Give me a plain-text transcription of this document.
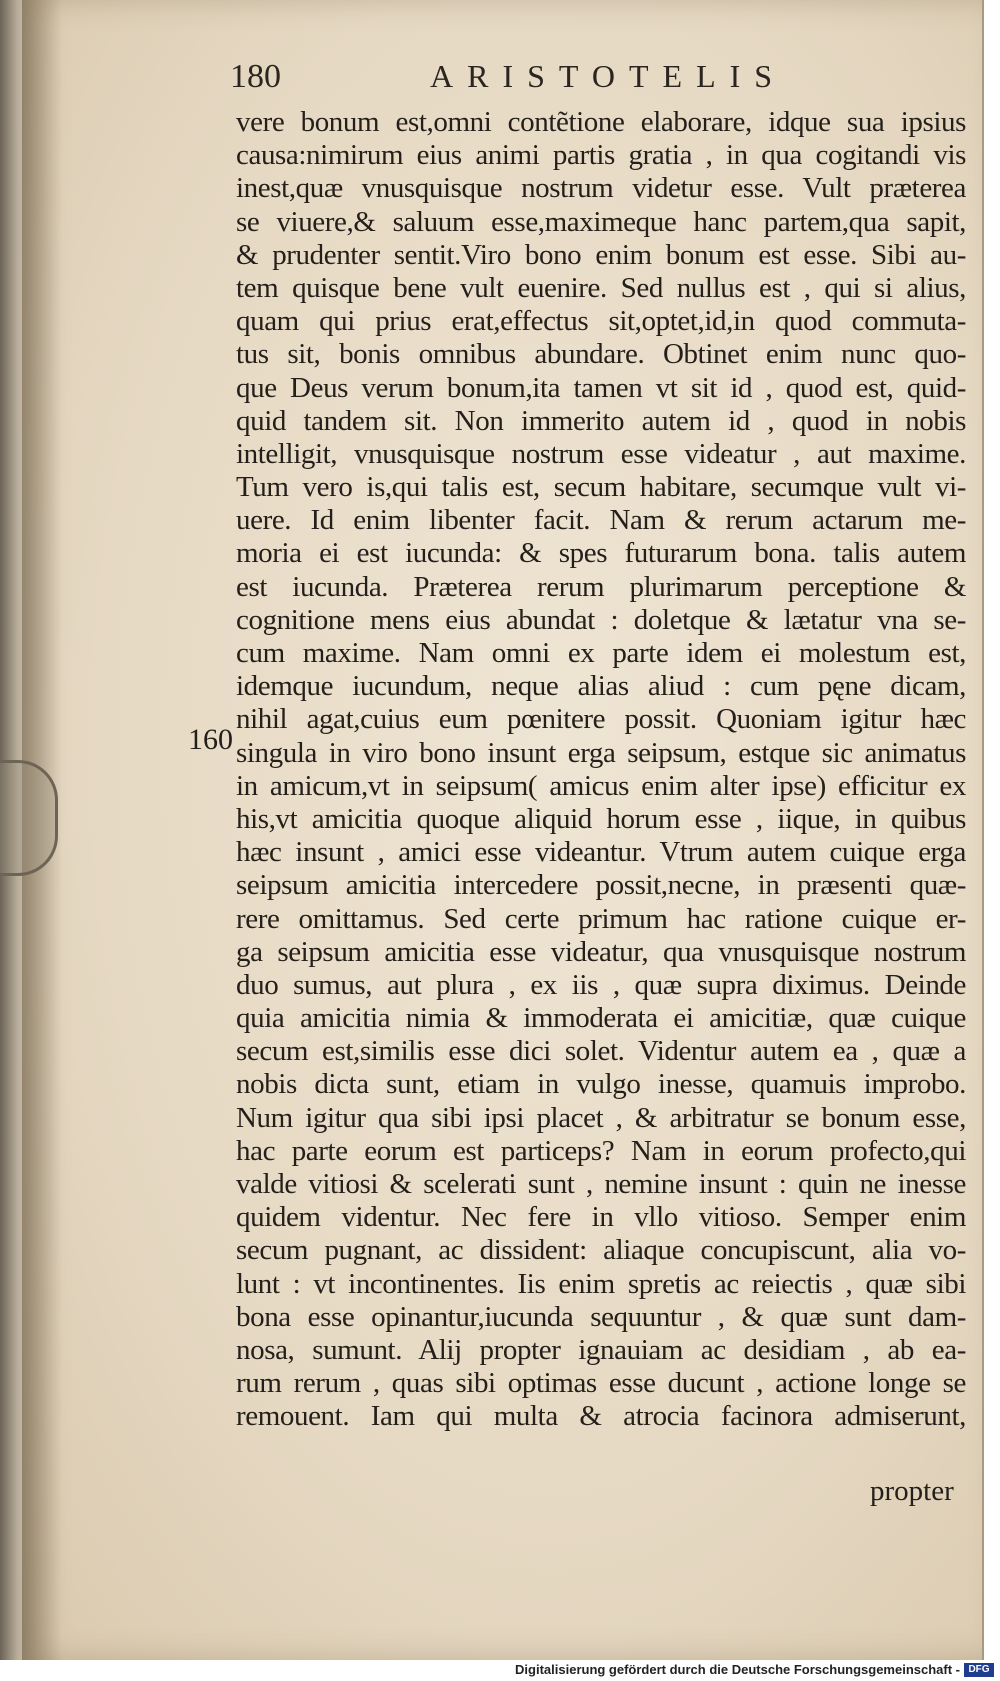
180	ARISTOTELIS
160
vere bonum est,omni contẽtione elaborare, idque sua ipsius
causa:nimirum eius animi partis gratia , in qua cogitandi vis
inest,quæ vnusquisque nostrum videtur esse. Vult præterea
se viuere,& saluum esse,maximeque hanc partem,qua sapit,
& prudenter sentit.Viro bono enim bonum est esse. Sibi au-
tem quisque bene vult euenire. Sed nullus est , qui si alius,
quam qui prius erat,effectus sit,optet,id,in quod commuta-
tus sit, bonis omnibus abundare. Obtinet enim nunc quo-
que Deus verum bonum,ita tamen vt sit id , quod est, quid-
quid tandem sit. Non immerito autem id , quod in nobis
intelligit, vnusquisque nostrum esse videatur , aut maxime.
Tum vero is,qui talis est, secum habitare, secumque vult vi-
uere. Id enim libenter facit. Nam & rerum actarum me-
moria ei est iucunda: & spes futurarum bona. talis autem
est iucunda. Præterea rerum plurimarum perceptione &
cognitione mens eius abundat : doletque & lætatur vna se-
cum maxime. Nam omni ex parte idem ei molestum est,
idemque iucundum, neque alias aliud : cum pęne dicam,
nihil agat,cuius eum pœnitere possit. Quoniam igitur hæc
singula in viro bono insunt erga seipsum, estque sic animatus
in amicum,vt in seipsum( amicus enim alter ipse) efficitur ex
his,vt amicitia quoque aliquid horum esse , iique, in quibus
hæc insunt , amici esse videantur. Vtrum autem cuique erga
seipsum amicitia intercedere possit,necne, in præsenti quæ-
rere omittamus. Sed certe primum hac ratione cuique er-
ga seipsum amicitia esse videatur, qua vnusquisque nostrum
duo sumus, aut plura , ex iis , quæ supra diximus. Deinde
quia amicitia nimia & immoderata ei amicitiæ, quæ cuique
secum est,similis esse dici solet. Videntur autem ea , quæ a
nobis dicta sunt, etiam in vulgo inesse, quamuis improbo.
Num igitur qua sibi ipsi placet , & arbitratur se bonum esse,
hac parte eorum est particeps? Nam in eorum profecto,qui
valde vitiosi & scelerati sunt , nemine insunt : quin ne inesse
quidem videntur. Nec fere in vllo vitioso. Semper enim
secum pugnant, ac dissident: aliaque concupiscunt, alia vo-
lunt : vt incontinentes. Iis enim spretis ac reiectis , quæ sibi
bona esse opinantur,iucunda sequuntur , & quæ sunt dam-
nosa, sumunt. Alij propter ignauiam ac desidiam , ab ea-
rum rerum , quas sibi optimas esse ducunt , actione longe se
remouent. Iam qui multa & atrocia facinora admiserunt,
propter
Digitalisierung gefördert durch die Deutsche Forschungsgemeinschaft - DFG
